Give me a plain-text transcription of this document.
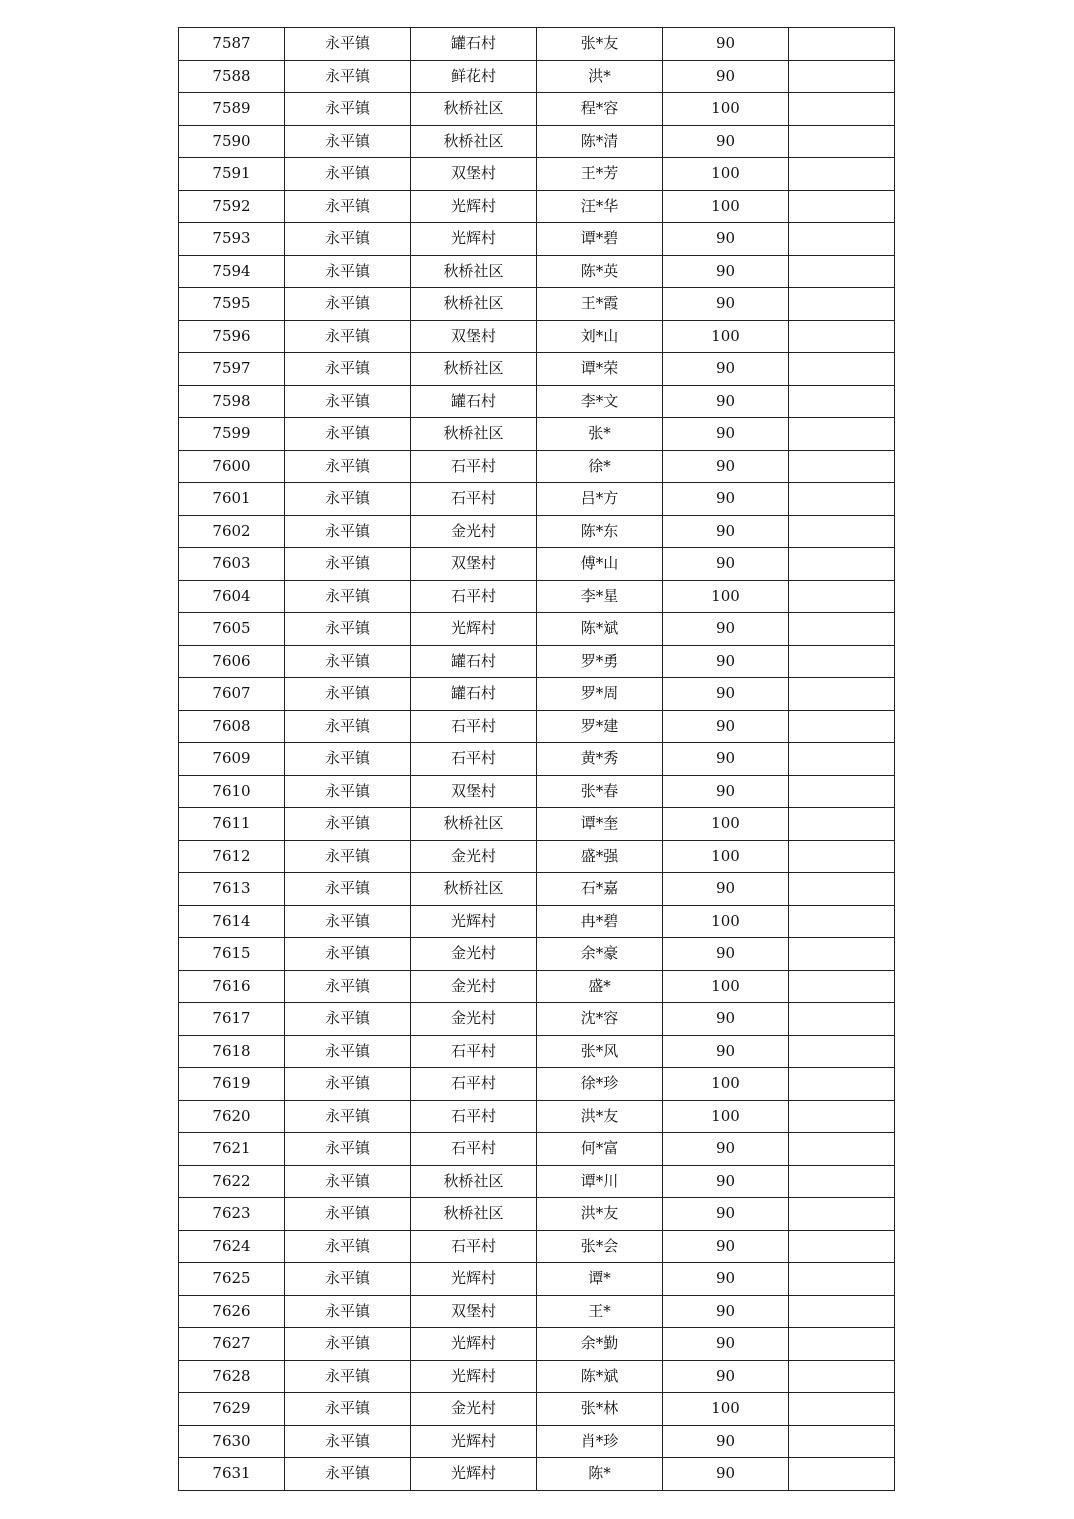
7587	永平镇	罐石村	张*友	90	
7588	永平镇	鲜花村	洪*	90	
7589	永平镇	秋桥社区	程*容	100	
7590	永平镇	秋桥社区	陈*清	90	
7591	永平镇	双堡村	王*芳	100	
7592	永平镇	光辉村	汪*华	100	
7593	永平镇	光辉村	谭*碧	90	
7594	永平镇	秋桥社区	陈*英	90	
7595	永平镇	秋桥社区	王*霞	90	
7596	永平镇	双堡村	刘*山	100	
7597	永平镇	秋桥社区	谭*荣	90	
7598	永平镇	罐石村	李*文	90	
7599	永平镇	秋桥社区	张*	90	
7600	永平镇	石平村	徐*	90	
7601	永平镇	石平村	吕*方	90	
7602	永平镇	金光村	陈*东	90	
7603	永平镇	双堡村	傅*山	90	
7604	永平镇	石平村	李*星	100	
7605	永平镇	光辉村	陈*斌	90	
7606	永平镇	罐石村	罗*勇	90	
7607	永平镇	罐石村	罗*周	90	
7608	永平镇	石平村	罗*建	90	
7609	永平镇	石平村	黄*秀	90	
7610	永平镇	双堡村	张*春	90	
7611	永平镇	秋桥社区	谭*奎	100	
7612	永平镇	金光村	盛*强	100	
7613	永平镇	秋桥社区	石*嘉	90	
7614	永平镇	光辉村	冉*碧	100	
7615	永平镇	金光村	余*豪	90	
7616	永平镇	金光村	盛*	100	
7617	永平镇	金光村	沈*容	90	
7618	永平镇	石平村	张*风	90	
7619	永平镇	石平村	徐*珍	100	
7620	永平镇	石平村	洪*友	100	
7621	永平镇	石平村	何*富	90	
7622	永平镇	秋桥社区	谭*川	90	
7623	永平镇	秋桥社区	洪*友	90	
7624	永平镇	石平村	张*会	90	
7625	永平镇	光辉村	谭*	90	
7626	永平镇	双堡村	王*	90	
7627	永平镇	光辉村	余*勤	90	
7628	永平镇	光辉村	陈*斌	90	
7629	永平镇	金光村	张*林	100	
7630	永平镇	光辉村	肖*珍	90	
7631	永平镇	光辉村	陈*	90	
